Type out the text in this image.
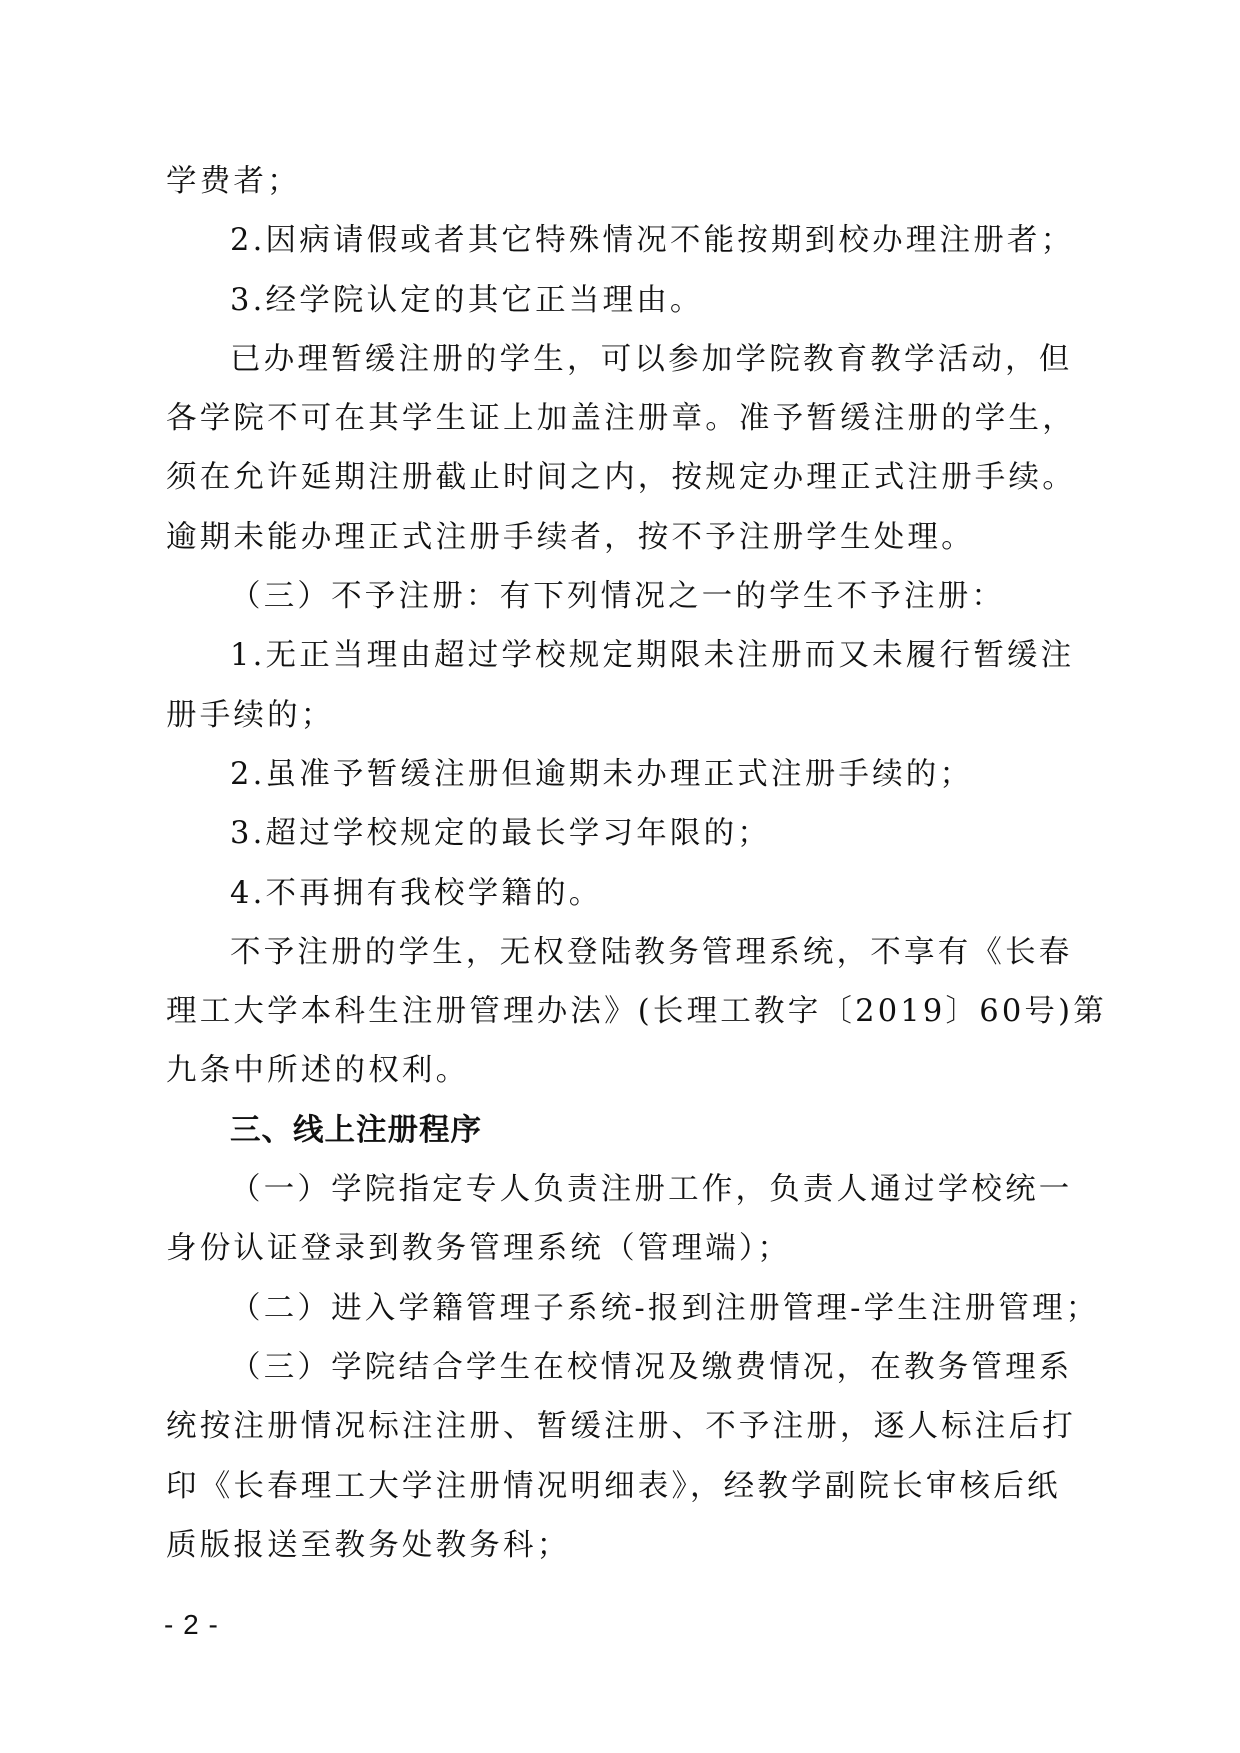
学费者；
2.因病请假或者其它特殊情况不能按期到校办理注册者；
3.经学院认定的其它正当理由。
已办理暂缓注册的学生，可以参加学院教育教学活动，但
各学院不可在其学生证上加盖注册章。准予暂缓注册的学生，
须在允许延期注册截止时间之内，按规定办理正式注册手续。
逾期未能办理正式注册手续者，按不予注册学生处理。
（三）不予注册：有下列情况之一的学生不予注册：
1.无正当理由超过学校规定期限未注册而又未履行暂缓注
册手续的；
2.虽准予暂缓注册但逾期未办理正式注册手续的；
3.超过学校规定的最长学习年限的；
4.不再拥有我校学籍的。
不予注册的学生，无权登陆教务管理系统，不享有《长春
理工大学本科生注册管理办法》(长理工教字〔2019〕60号)第
九条中所述的权利。
三、线上注册程序
（一）学院指定专人负责注册工作，负责人通过学校统一
身份认证登录到教务管理系统（管理端）；
（二）进入学籍管理子系统-报到注册管理-学生注册管理；
（三）学院结合学生在校情况及缴费情况，在教务管理系
统按注册情况标注注册、暂缓注册、不予注册，逐人标注后打
印《长春理工大学注册情况明细表》，经教学副院长审核后纸
质版报送至教务处教务科；
- 2 -
